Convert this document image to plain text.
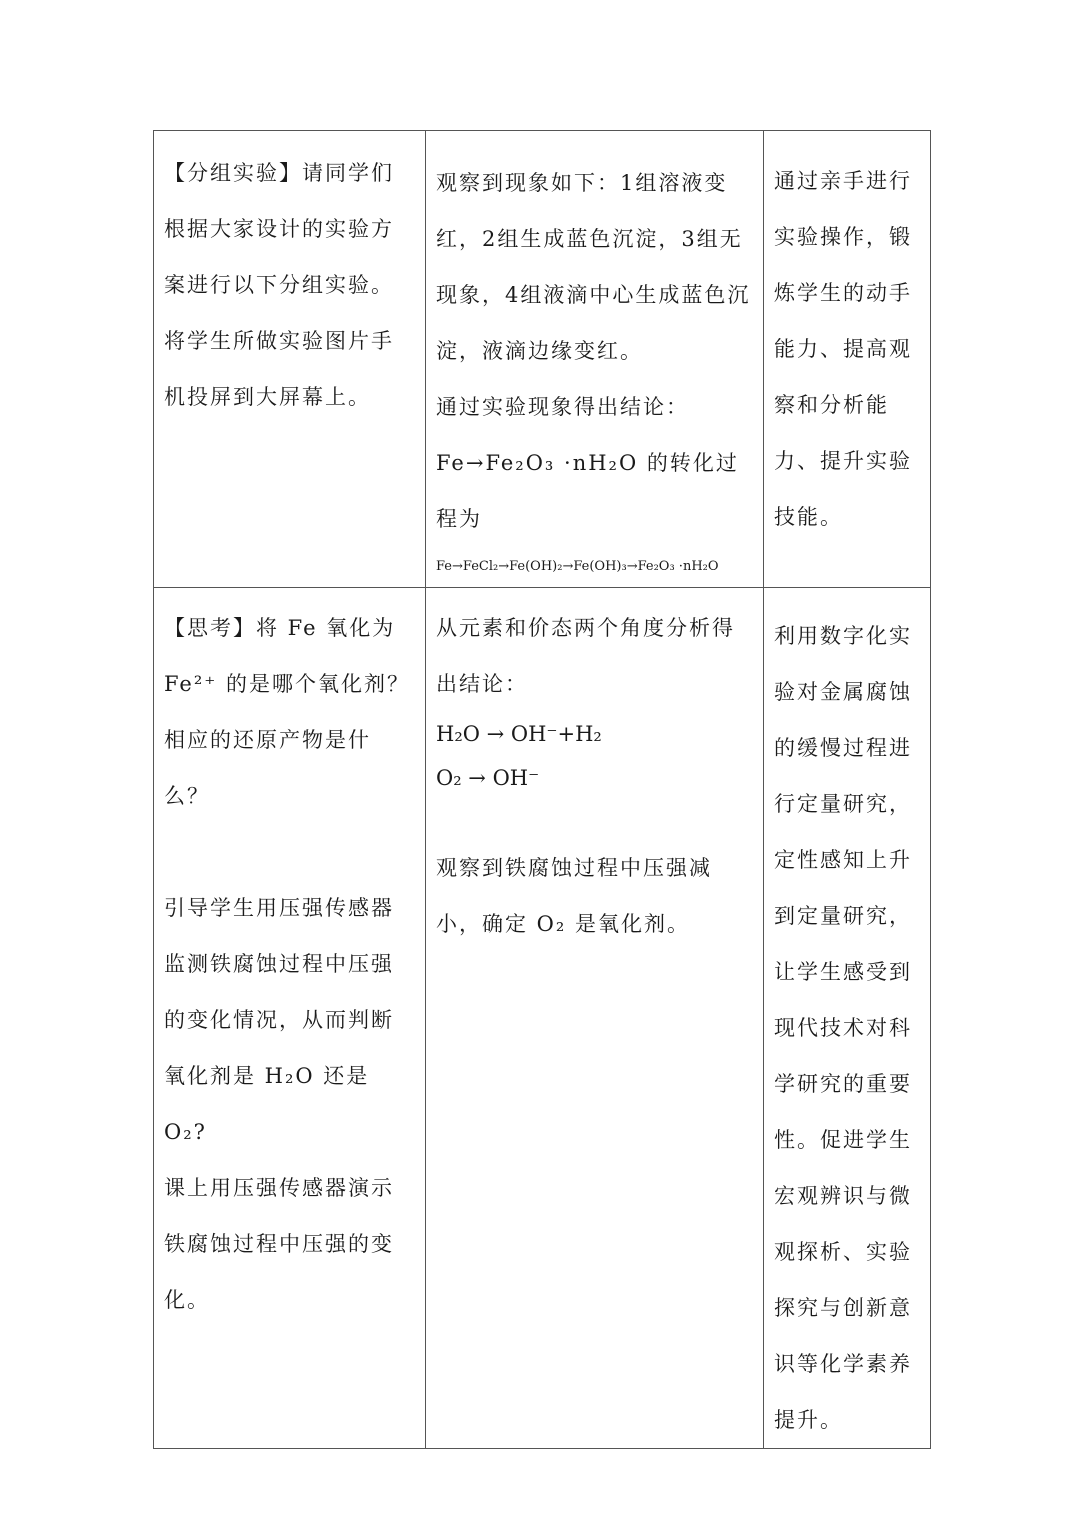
【分组实验】请同学们根据大家设计的实验方案进行以下分组实验。将学生所做实验图片手机投屏到大屏幕上。	观察到现象如下：1组溶液变红，2组生成蓝色沉淀，3组无现象，4组液滴中心生成蓝色沉淀，液滴边缘变红。
通过实验现象得出结论：Fe→Fe₂O₃ ·nH₂O 的转化过程为
Fe→FeCl₂→Fe(OH)₂→Fe(OH)₃→Fe₂O₃ ·nH₂O	通过亲手进行实验操作，锻炼学生的动手能力、提高观察和分析能力、提升实验技能。

【思考】将 Fe 氧化为 Fe²⁺ 的是哪个氧化剂？相应的还原产物是什么？
引导学生用压强传感器监测铁腐蚀过程中压强的变化情况，从而判断氧化剂是 H₂O 还是 O₂?
课上用压强传感器演示铁腐蚀过程中压强的变化。	从元素和价态两个角度分析得出结论：
H₂O → OH⁻+H₂
O₂ → OH⁻
观察到铁腐蚀过程中压强减小，确定 O₂ 是氧化剂。	利用数字化实验对金属腐蚀的缓慢过程进行定量研究，定性感知上升到定量研究，让学生感受到现代技术对科学研究的重要性。促进学生宏观辨识与微观探析、实验探究与创新意识等化学素养提升。
